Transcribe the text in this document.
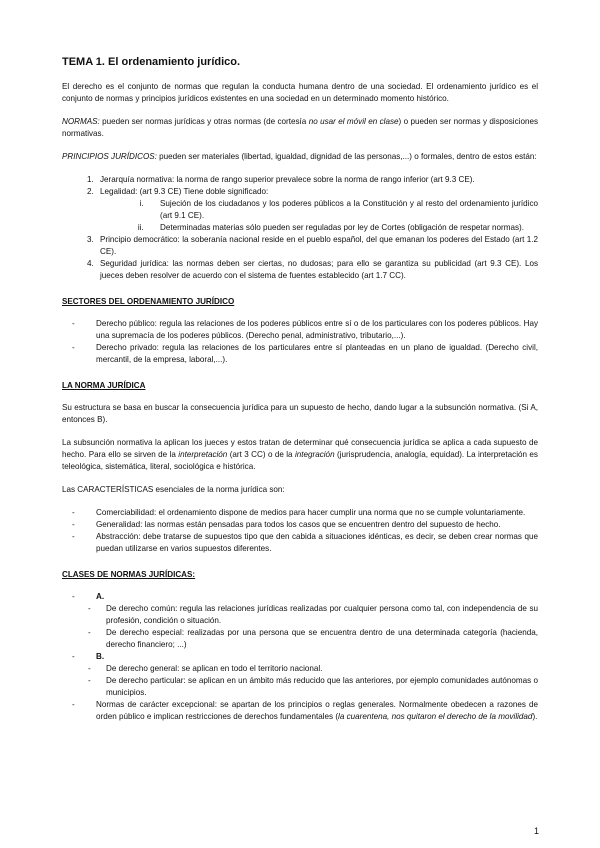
TEMA 1. El ordenamiento jurídico.

El derecho es el conjunto de normas que regulan la conducta humana dentro de una sociedad. El ordenamiento jurídico es el conjunto de normas y principios jurídicos existentes en una sociedad en un determinado momento histórico.

NORMAS: pueden ser normas jurídicas y otras normas (de cortesía no usar el móvil en clase) o pueden ser normas y disposiciones normativas.

PRINCIPIOS JURÍDICOS: pueden ser materiales (libertad, igualdad, dignidad de las personas,...) o formales, dentro de estos están:

1. Jerarquía normativa: la norma de rango superior prevalece sobre la norma de rango inferior (art 9.3 CE).
2. Legalidad: (art 9.3 CE) Tiene doble significado:
i. Sujeción de los ciudadanos y los poderes públicos a la Constitución y al resto del ordenamiento jurídico (art 9.1 CE).
ii. Determinadas materias sólo pueden ser reguladas por ley de Cortes (obligación de respetar normas).
3. Principio democrático: la soberanía nacional reside en el pueblo español, del que emanan los poderes del Estado (art 1.2 CE).
4. Seguridad jurídica: las normas deben ser ciertas, no dudosas; para ello se garantiza su publicidad (art 9.3 CE). Los jueces deben resolver de acuerdo con el sistema de fuentes establecido (art 1.7 CC).
SECTORES DEL ORDENAMIENTO JURÍDICO
- Derecho público: regula las relaciones de los poderes públicos entre sí o de los particulares con los poderes públicos. Hay una supremacía de los poderes públicos. (Derecho penal, administrativo, tributario,...).
- Derecho privado: regula las relaciones de los particulares entre sí planteadas en un plano de igualdad. (Derecho civil, mercantil, de la empresa, laboral,...).
LA NORMA JURÍDICA

Su estructura se basa en buscar la consecuencia jurídica para un supuesto de hecho, dando lugar a la subsunción normativa. (Si A, entonces B).

La subsunción normativa la aplican los jueces y estos tratan de determinar qué consecuencia jurídica se aplica a cada supuesto de hecho. Para ello se sirven de la interpretación (art 3 CC) o de la integración (jurisprudencia, analogía, equidad). La interpretación es teleológica, sistemática, literal, sociológica e histórica.

Las CARACTERÍSTICAS esenciales de la norma jurídica son:

- Comerciabilidad: el ordenamiento dispone de medios para hacer cumplir una norma que no se cumple voluntariamente.
- Generalidad: las normas están pensadas para todos los casos que se encuentren dentro del supuesto de hecho.
- Abstracción: debe tratarse de supuestos tipo que den cabida a situaciones idénticas, es decir, se deben crear normas que puedan utilizarse en varios supuestos diferentes.
CLASES DE NORMAS JURÍDICAS:
- A.
- De derecho común: regula las relaciones jurídicas realizadas por cualquier persona como tal, con independencia de su profesión, condición o situación.
- De derecho especial: realizadas por una persona que se encuentra dentro de una determinada categoría (hacienda, derecho financiero; ...)
- B.
- De derecho general: se aplican en todo el territorio nacional.
- De derecho particular: se aplican en un ámbito más reducido que las anteriores, por ejemplo comunidades autónomas o municipios.
- Normas de carácter excepcional: se apartan de los principios o reglas generales. Normalmente obedecen a razones de orden público e implican restricciones de derechos fundamentales (la cuarentena, nos quitaron el derecho de la movilidad).
1
